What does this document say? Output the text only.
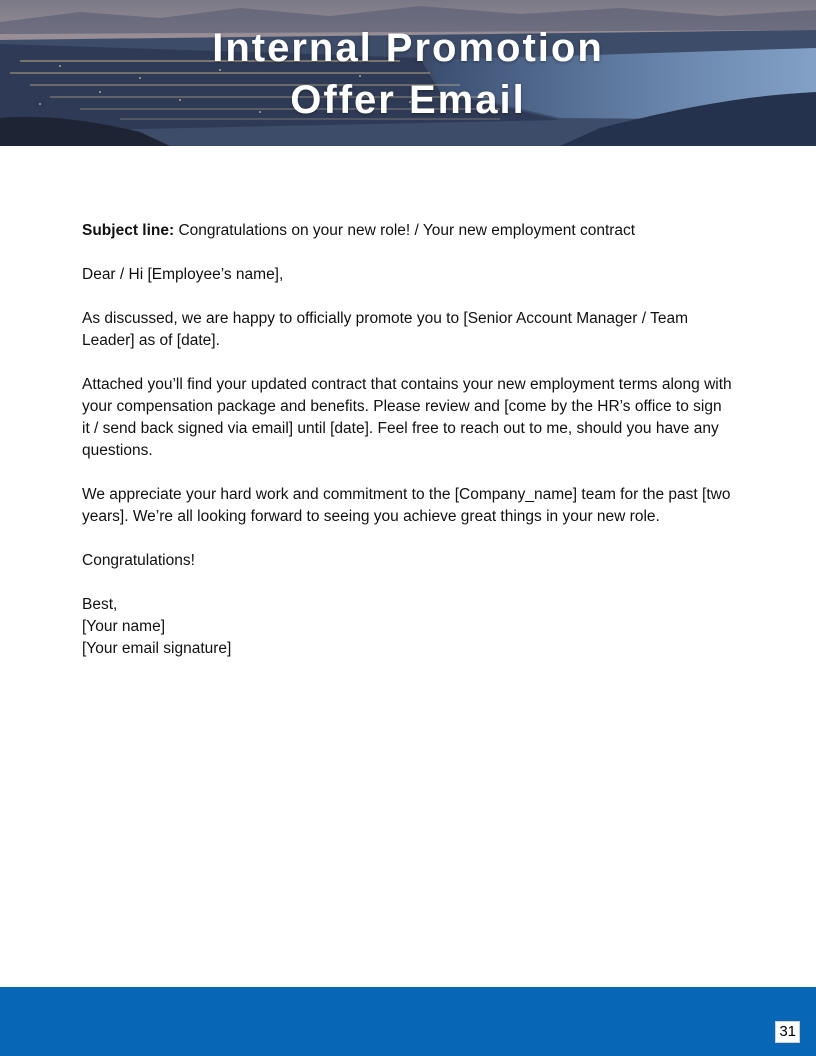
Internal Promotion
Offer Email

Subject line: Congratulations on your new role! / Your new employment contract

Dear / Hi [Employee’s name],

As discussed, we are happy to officially promote you to [Senior Account Manager / Team Leader] as of [date].

Attached you’ll find your updated contract that contains your new employment terms along with your compensation package and benefits. Please review and [come by the HR’s office to sign it / send back signed via email] until [date]. Feel free to reach out to me, should you have any questions.

We appreciate your hard work and commitment to the [Company_name] team for the past [two years]. We’re all looking forward to seeing you achieve great things in your new role.

Congratulations!

Best,

[Your name]

[Your email signature]

31
